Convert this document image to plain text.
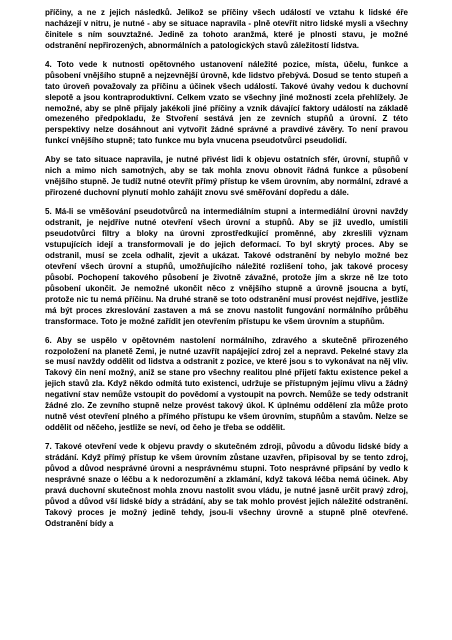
příčiny, a ne z jejich následků. Jelikož se příčiny všech událostí ve vztahu k lidské éře nacházejí v nitru, je nutné - aby se situace napravila - plně otevřít nitro lidské mysli a všechny činitele s ním souvztažné. Jedině za tohoto aranžmá, které je plnosti stavu, je možné odstranění nepřirozených, abnormálních a patologických stavů záležitostí lidstva.

4. Toto vede k nutnosti opětovného ustanovení náležité pozice, místa, účelu, funkce a působení vnějšího stupně a nejzevnější úrovně, kde lidstvo přebývá. Dosud se tento stupeň a tato úroveň považovaly za příčinu a účinek všech událostí. Takové úvahy vedou k duchovní slepotě a jsou kontraproduktivní. Celkem vzato se všechny jiné možnosti zcela přehlížely. Je nemožné, aby se plně přijaly jakékoli jiné příčiny a vznik dávající faktory událostí na základě omezeného předpokladu, že Stvoření sestává jen ze zevních stupňů a úrovní. Z této perspektivy nelze dosáhnout ani vytvořit žádné správné a pravdivé závěry. To není pravou funkcí vnějšího stupně; tato funkce mu byla vnucena pseudotvůrci pseudolidí.

Aby se tato situace napravila, je nutné přivést lidi k objevu ostatních sfér, úrovní, stupňů v nich a mimo nich samotných, aby se tak mohla znovu obnovit řádná funkce a působení vnějšího stupně. Je tudíž nutné otevřít přímý přístup ke všem úrovním, aby normální, zdravé a přirozené duchovní plynutí mohlo zahájit znovu své směřování dopředu a dále.

5. Má-li se vměšování pseudotvůrců na intermediálním stupni a intermediální úrovni navždy odstranit, je nejdříve nutné otevření všech úrovní a stupňů. Aby se již uvedlo, umístili pseudotvůrci filtry a bloky na úrovni zprostředkující proměnné, aby zkreslili význam vstupujících idejí a transformovali je do jejich deformací. To byl skrytý proces. Aby se odstranil, musí se zcela odhalit, zjevit a ukázat. Takové odstranění by nebylo možné bez otevření všech úrovní a stupňů, umožňujícího náležité rozlišení toho, jak takové procesy působí. Pochopení takového působení je životně závažné, protože jím a skrze ně lze toto působení ukončit. Je nemožné ukončit něco z vnějšího stupně a úrovně jsoucna a bytí, protože nic tu nemá příčinu. Na druhé straně se toto odstranění musí provést nejdříve, jestliže má být proces zkreslování zastaven a má se znovu nastolit fungování normálního průběhu transformace. Toto je možné zařídit jen otevřením přístupu ke všem úrovním a stupňům.

6. Aby se uspělo v opětovném nastolení normálního, zdravého a skutečně přirozeného rozpoložení na planetě Zemi, je nutné uzavřít napájející zdroj zel a nepravd. Pekelné stavy zla se musí navždy oddělit od lidstva a odstranit z pozice, ve které jsou s to vykonávat na něj vliv. Takový čin není možný, aniž se stane pro všechny realitou plné přijetí faktu existence pekel a jejich stavů zla. Když někdo odmítá tuto existenci, udržuje se přístupným jejímu vlivu a žádný negativní stav nemůže vstoupit do povědomí a vystoupit na povrch. Nemůže se tedy odstranit žádné zlo. Ze zevního stupně nelze provést takový úkol. K úplnému oddělení zla může proto nutně vést otevření plného a přímého přístupu ke všem úrovním, stupňům a stavům. Nelze se oddělit od něčeho, jestliže se neví, od čeho je třeba se oddělit.

7. Takové otevření vede k objevu pravdy o skutečném zdroji, původu a důvodu lidské bídy a strádání. Když přímý přístup ke všem úrovním zůstane uzavřen, připisoval by se tento zdroj, původ a důvod nesprávné úrovni a nesprávnému stupni. Toto nesprávné připsání by vedlo k nesprávné snaze o léčbu a k nedorozumění a zklamání, když taková léčba nemá účinek. Aby pravá duchovní skutečnost mohla znovu nastolit svou vládu, je nutné jasně určit pravý zdroj, původ a důvod vší lidské bídy a strádání, aby se tak mohlo provést jejich náležité odstranění. Takový proces je možný jedině tehdy, jsou-li všechny úrovně a stupně plně otevřené. Odstranění bídy a
